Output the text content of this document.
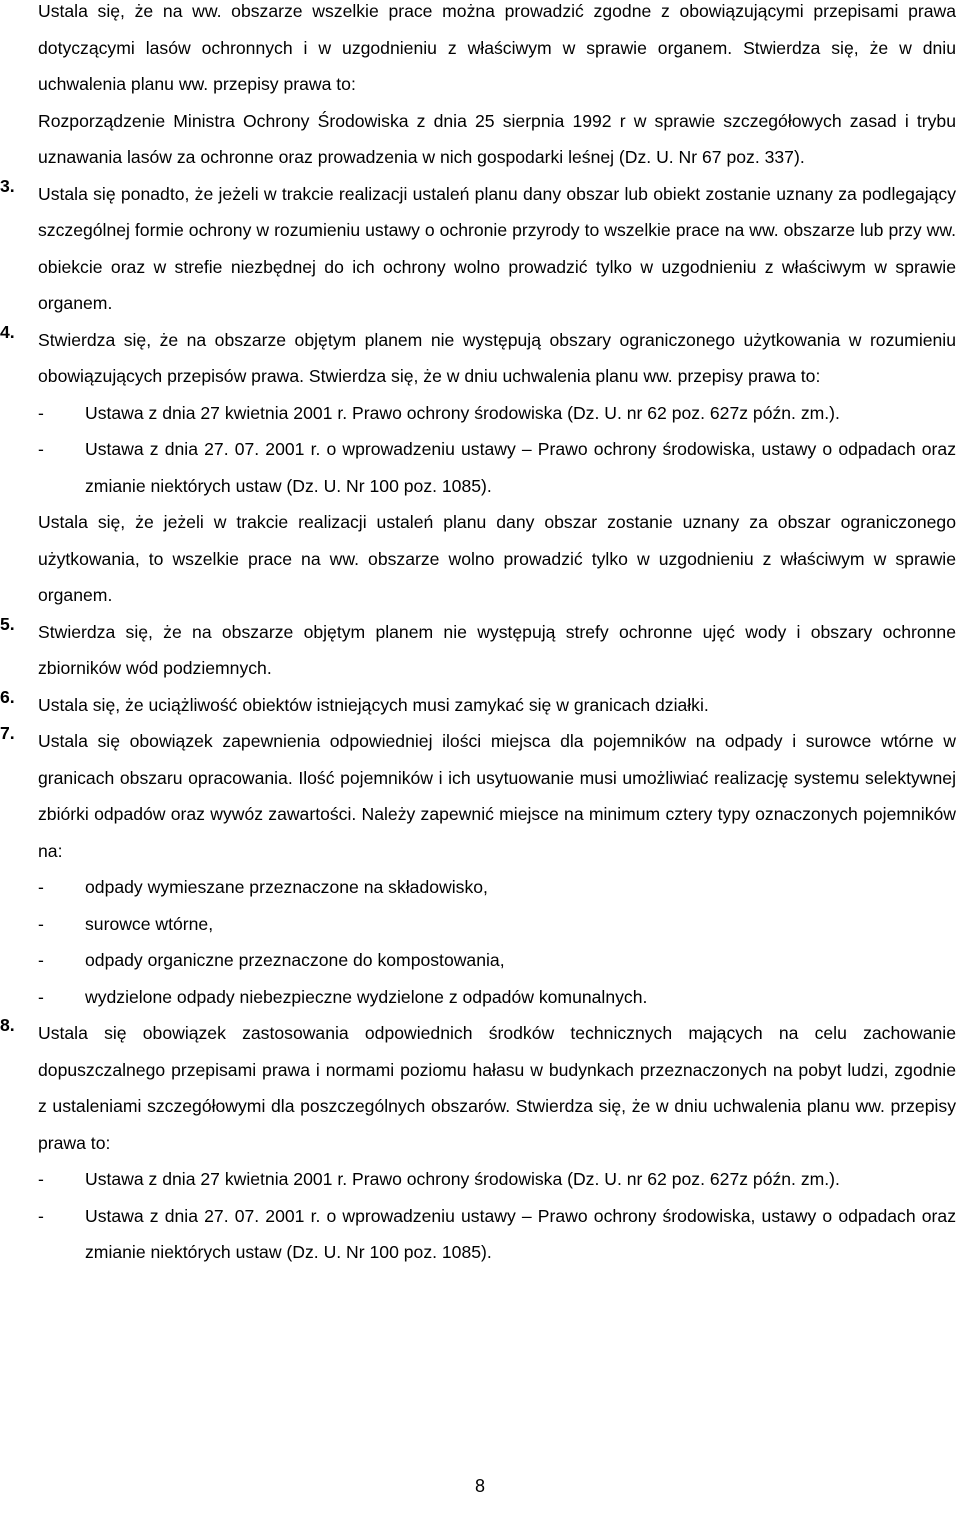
Ustala się, że na ww. obszarze wszelkie prace można prowadzić zgodne z obowiązującymi przepisami prawa dotyczącymi lasów ochronnych i w uzgodnieniu z właściwym w sprawie organem. Stwierdza się, że w dniu uchwalenia planu ww. przepisy prawa to:

Rozporządzenie Ministra Ochrony Środowiska z dnia 25 sierpnia 1992 r w sprawie szczegółowych zasad i trybu uznawania lasów za ochronne oraz prowadzenia w nich gospodarki leśnej (Dz. U. Nr 67 poz. 337).

3.	Ustala się ponadto, że jeżeli w trakcie realizacji ustaleń planu dany obszar lub obiekt zostanie uznany za podlegający szczególnej formie ochrony w rozumieniu ustawy o ochronie przyrody to wszelkie prace na ww. obszarze lub przy ww. obiekcie oraz w strefie niezbędnej do ich ochrony wolno prowadzić tylko w uzgodnieniu z właściwym w sprawie organem.

4.	Stwierdza się, że na obszarze objętym planem nie występują obszary ograniczonego użytkowania w rozumieniu obowiązujących przepisów prawa. Stwierdza się, że w dniu uchwalenia planu ww. przepisy prawa to:

- Ustawa z dnia 27 kwietnia 2001 r. Prawo ochrony środowiska (Dz. U. nr 62 poz. 627z późn. zm.).
- Ustawa z dnia 27. 07. 2001 r. o wprowadzeniu ustawy – Prawo ochrony środowiska, ustawy o odpadach oraz zmianie niektórych ustaw (Dz. U. Nr 100 poz. 1085).

Ustala się, że jeżeli w trakcie realizacji ustaleń planu dany obszar zostanie uznany za obszar ograniczonego użytkowania, to wszelkie prace na ww. obszarze wolno prowadzić tylko w uzgodnieniu z właściwym w sprawie organem.

5.	Stwierdza się, że na obszarze objętym planem nie występują strefy ochronne ujęć wody i obszary ochronne zbiorników wód podziemnych.

6.	Ustala się, że uciążliwość obiektów istniejących musi zamykać się w granicach działki.

7.	Ustala się obowiązek zapewnienia odpowiedniej ilości miejsca dla pojemników na odpady i surowce wtórne w granicach obszaru opracowania. Ilość pojemników i ich usytuowanie musi umożliwiać realizację systemu selektywnej zbiórki odpadów oraz wywóz zawartości. Należy zapewnić miejsce na minimum cztery typy oznaczonych pojemników na:

- odpady wymieszane przeznaczone na składowisko,
- surowce wtórne,
- odpady organiczne przeznaczone do kompostowania,
- wydzielone odpady niebezpieczne wydzielone z odpadów komunalnych.
8.	Ustala się obowiązek zastosowania odpowiednich środków technicznych mających na celu zachowanie dopuszczalnego przepisami prawa i normami poziomu hałasu w budynkach przeznaczonych na pobyt ludzi, zgodnie z ustaleniami szczegółowymi dla poszczególnych obszarów. Stwierdza się, że w dniu uchwalenia planu ww. przepisy prawa to:

- Ustawa z dnia 27 kwietnia 2001 r. Prawo ochrony środowiska (Dz. U. nr 62 poz. 627z późn. zm.).
- Ustawa z dnia 27. 07. 2001 r. o wprowadzeniu ustawy – Prawo ochrony środowiska, ustawy o odpadach oraz zmianie niektórych ustaw (Dz. U. Nr 100 poz. 1085).
8
